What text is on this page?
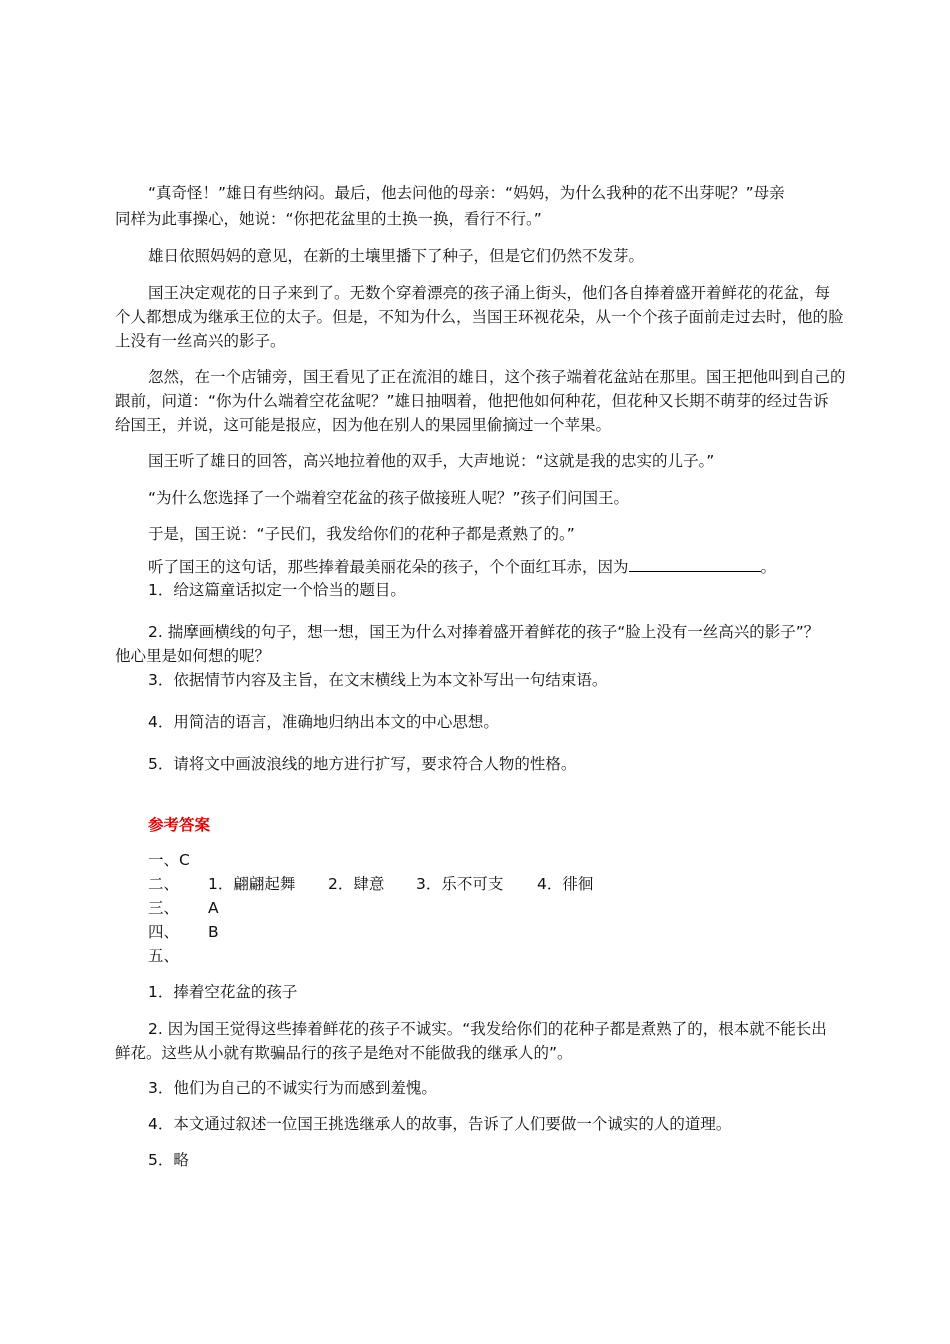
“真奇怪！”雄日有些纳闷。最后，他去问他的母亲：“妈妈，为什么我种的花不出芽呢？”母亲
同样为此事操心，她说：“你把花盆里的土换一换，看行不行。”
雄日依照妈妈的意见，在新的土壤里播下了种子，但是它们仍然不发芽。
国王决定观花的日子来到了。无数个穿着漂亮的孩子涌上街头，他们各自捧着盛开着鲜花的花盆，每
个人都想成为继承王位的太子。但是，不知为什么，当国王环视花朵，从一个个孩子面前走过去时，他的脸
上没有一丝高兴的影子。
忽然，在一个店铺旁，国王看见了正在流泪的雄日，这个孩子端着花盆站在那里。国王把他叫到自己的
跟前，问道：“你为什么端着空花盆呢？”雄日抽咽着，他把他如何种花，但花种又长期不萌芽的经过告诉
给国王，并说，这可能是报应，因为他在别人的果园里偷摘过一个苹果。
国王听了雄日的回答，高兴地拉着他的双手，大声地说：“这就是我的忠实的儿子。”
“为什么您选择了一个端着空花盆的孩子做接班人呢？”孩子们问国王。
于是，国王说：“子民们，我发给你们的花种子都是煮熟了的。”
听了国王的这句话，那些捧着最美丽花朵的孩子，个个面红耳赤，因为	。
1．给这篇童话拟定一个恰当的题目。
2. 揣摩画横线的句子，想一想，国王为什么对捧着盛开着鲜花的孩子“脸上没有一丝高兴的影子”？
他心里是如何想的呢？
3．依据情节内容及主旨，在文末横线上为本文补写出一句结束语。
4．用简洁的语言，准确地归纳出本文的中心思想。
5．请将文中画波浪线的地方进行扩写，要求符合人物的性格。
参考答案
一、C
二、 1．翩翩起舞 2．肆意 3．乐不可支 4．徘徊
三、 A
四、 B
五、
1．捧着空花盆的孩子
2. 因为国王觉得这些捧着鲜花的孩子不诚实。“我发给你们的花种子都是煮熟了的，根本就不能长出
鲜花。这些从小就有欺骗品行的孩子是绝对不能做我的继承人的”。
3．他们为自己的不诚实行为而感到羞愧。
4．本文通过叙述一位国王挑选继承人的故事，告诉了人们要做一个诚实的人的道理。
5．略
